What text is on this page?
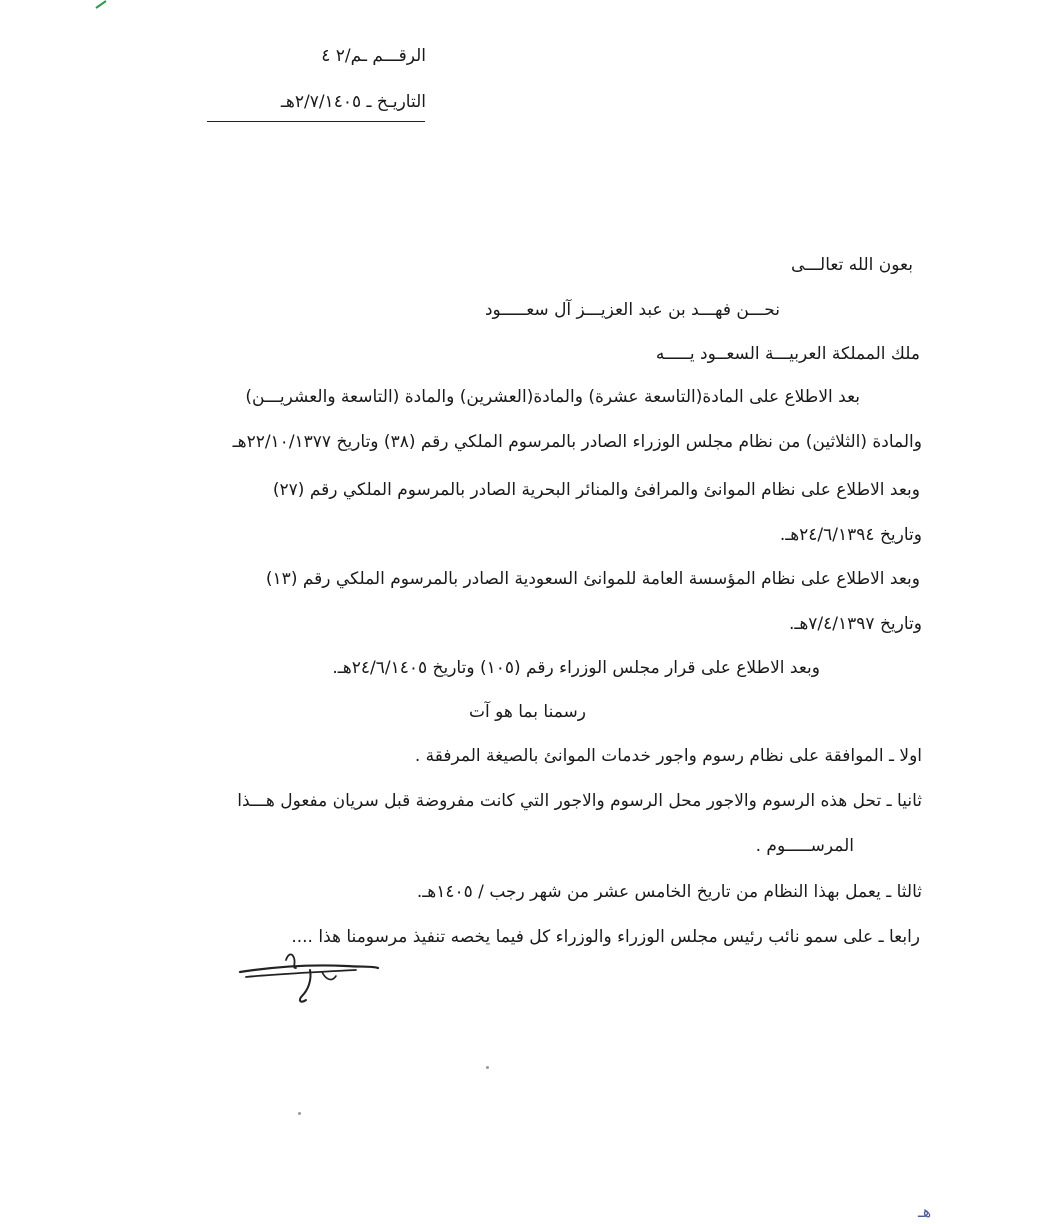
الرقـــم ـم/٢ ٤
التاريـخ ـ ٢/٧/١٤٠٥هـ
بعون الله تعالـــى
نحـــن فهـــد بن عبد العزيـــز آل سعـــــود
ملك المملكة العربيـــة السعــود يـــــه
بعد الاطلاع على المادة(التاسعة عشرة) والمادة(العشرين) والمادة (التاسعة والعشريـــن)
والمادة (الثلاثين) من نظام مجلس الوزراء الصادر بالمرسوم الملكي رقم (٣٨) وتاريخ ٢٢/١٠/١٣٧٧هـ
وبعد الاطلاع على نظام الموانئ والمرافئ والمنائر البحرية الصادر بالمرسوم الملكي رقم (٢٧)
وتاريخ ٢٤/٦/١٣٩٤هـ.
وبعد الاطلاع على نظام المؤسسة العامة للموانئ السعودية الصادر بالمرسوم الملكي رقم (١٣)
وتاريخ ٧/٤/١٣٩٧هـ.
وبعد الاطلاع على قرار مجلس الوزراء رقم (١٠٥) وتاريخ ٢٤/٦/١٤٠٥هـ.
رسمنا بما هو آت
اولا ـ الموافقة على نظام رسوم واجور خدمات الموانئ بالصيغة المرفقة .
ثانيا ـ تحل هذه الرسوم والاجور محل الرسوم والاجور التي كانت مفروضة قبل سريان مفعول هـــذا
المرســـــوم .
ثالثا ـ يعمل بهذا النظام من تاريخ الخامس عشر من شهر رجب / ١٤٠٥هـ.
رابعا ـ على سمو نائب رئيس مجلس الوزراء والوزراء كل فيما يخصه تنفيذ مرسومنا هذا ....
هـ
